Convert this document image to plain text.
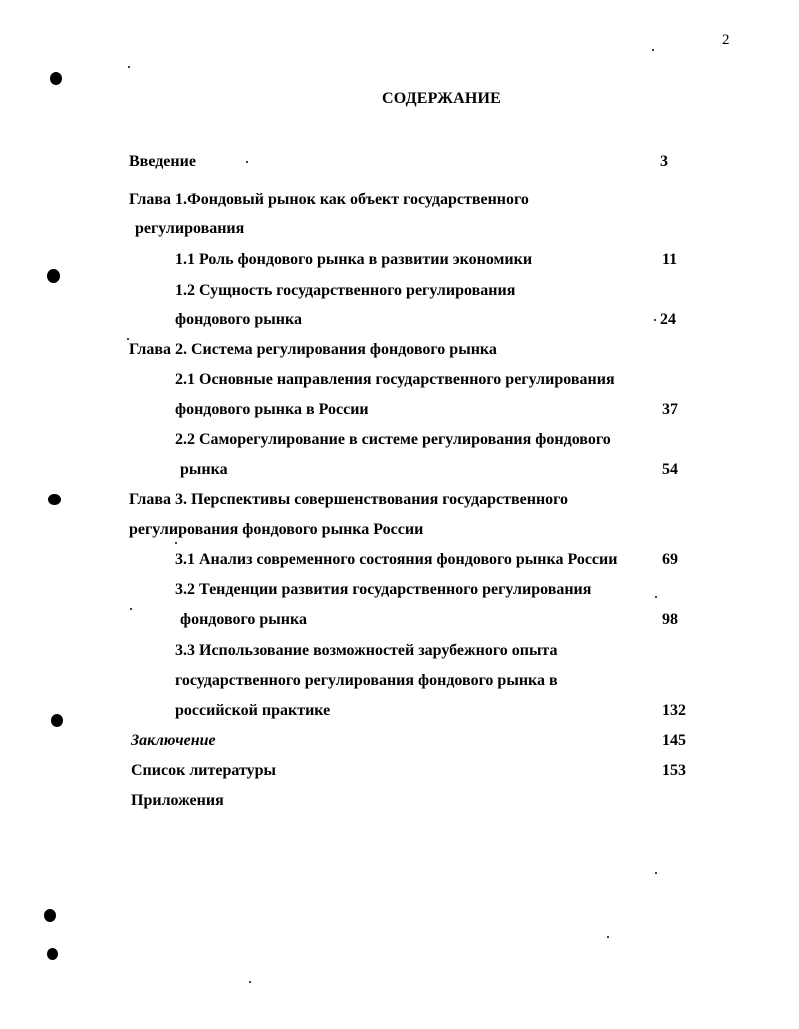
2
СОДЕРЖАНИЕ
Введение	3
Глава 1.Фондовый рынок как объект государственного
регулирования
1.1 Роль фондового рынка в развитии экономики	11
1.2 Сущность государственного регулирования
фондового рынка	24
Глава 2. Система регулирования фондового рынка
2.1 Основные направления государственного регулирования
фондового рынка в России	37
2.2 Саморегулирование в системе регулирования фондового
рынка	54
Глава 3. Перспективы совершенствования государственного
регулирования фондового рынка России
3.1 Анализ современного состояния фондового рынка России	69
3.2 Тенденции развития государственного регулирования
фондового рынка	98
3.3 Использование возможностей зарубежного опыта
государственного регулирования фондового рынка в
российской практике	132
Заключение	145
Список литературы	153
Приложения
